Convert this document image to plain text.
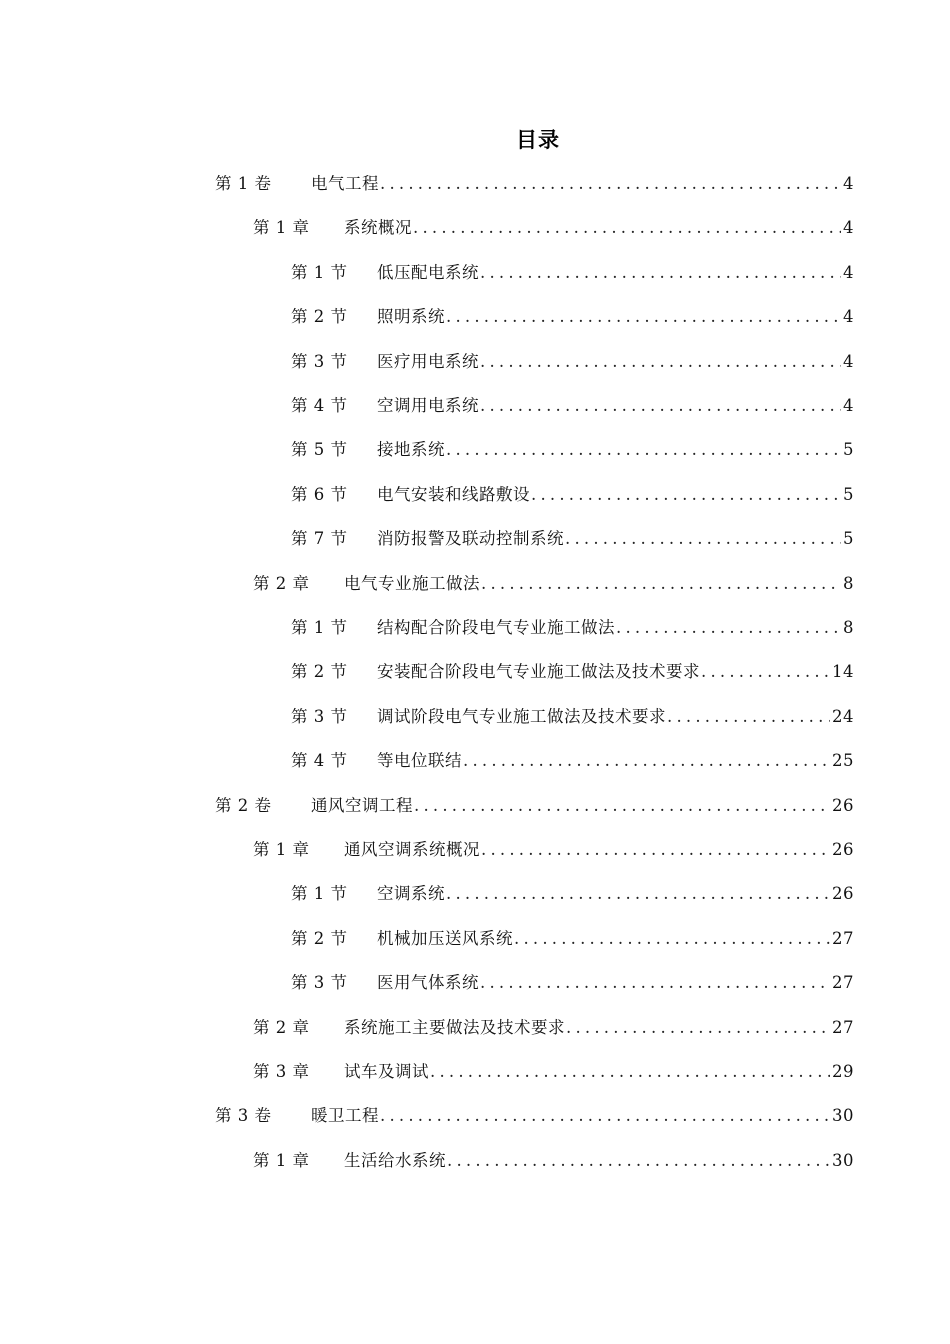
目录
第 1 卷	电气工程 .....	4
第 1 章	系统概况 .....	4
第 1 节	低压配电系统 .....	4
第 2 节	照明系统 .....	4
第 3 节	医疗用电系统 .....	4
第 4 节	空调用电系统 .....	4
第 5 节	接地系统 .....	5
第 6 节	电气安装和线路敷设 .....	5
第 7 节	消防报警及联动控制系统 .....	5
第 2 章	电气专业施工做法 .....	8
第 1 节	结构配合阶段电气专业施工做法 .....	8
第 2 节	安装配合阶段电气专业施工做法及技术要求 .....	14
第 3 节	调试阶段电气专业施工做法及技术要求 .....	24
第 4 节	等电位联结 .....	25
第 2 卷	通风空调工程 .....	26
第 1 章	通风空调系统概况 .....	26
第 1 节	空调系统 .....	26
第 2 节	机械加压送风系统 .....	27
第 3 节	医用气体系统 .....	27
第 2 章	系统施工主要做法及技术要求 .....	27
第 3 章	试车及调试 .....	29
第 3 卷	暖卫工程 .....	30
第 1 章	生活给水系统 .....	30
